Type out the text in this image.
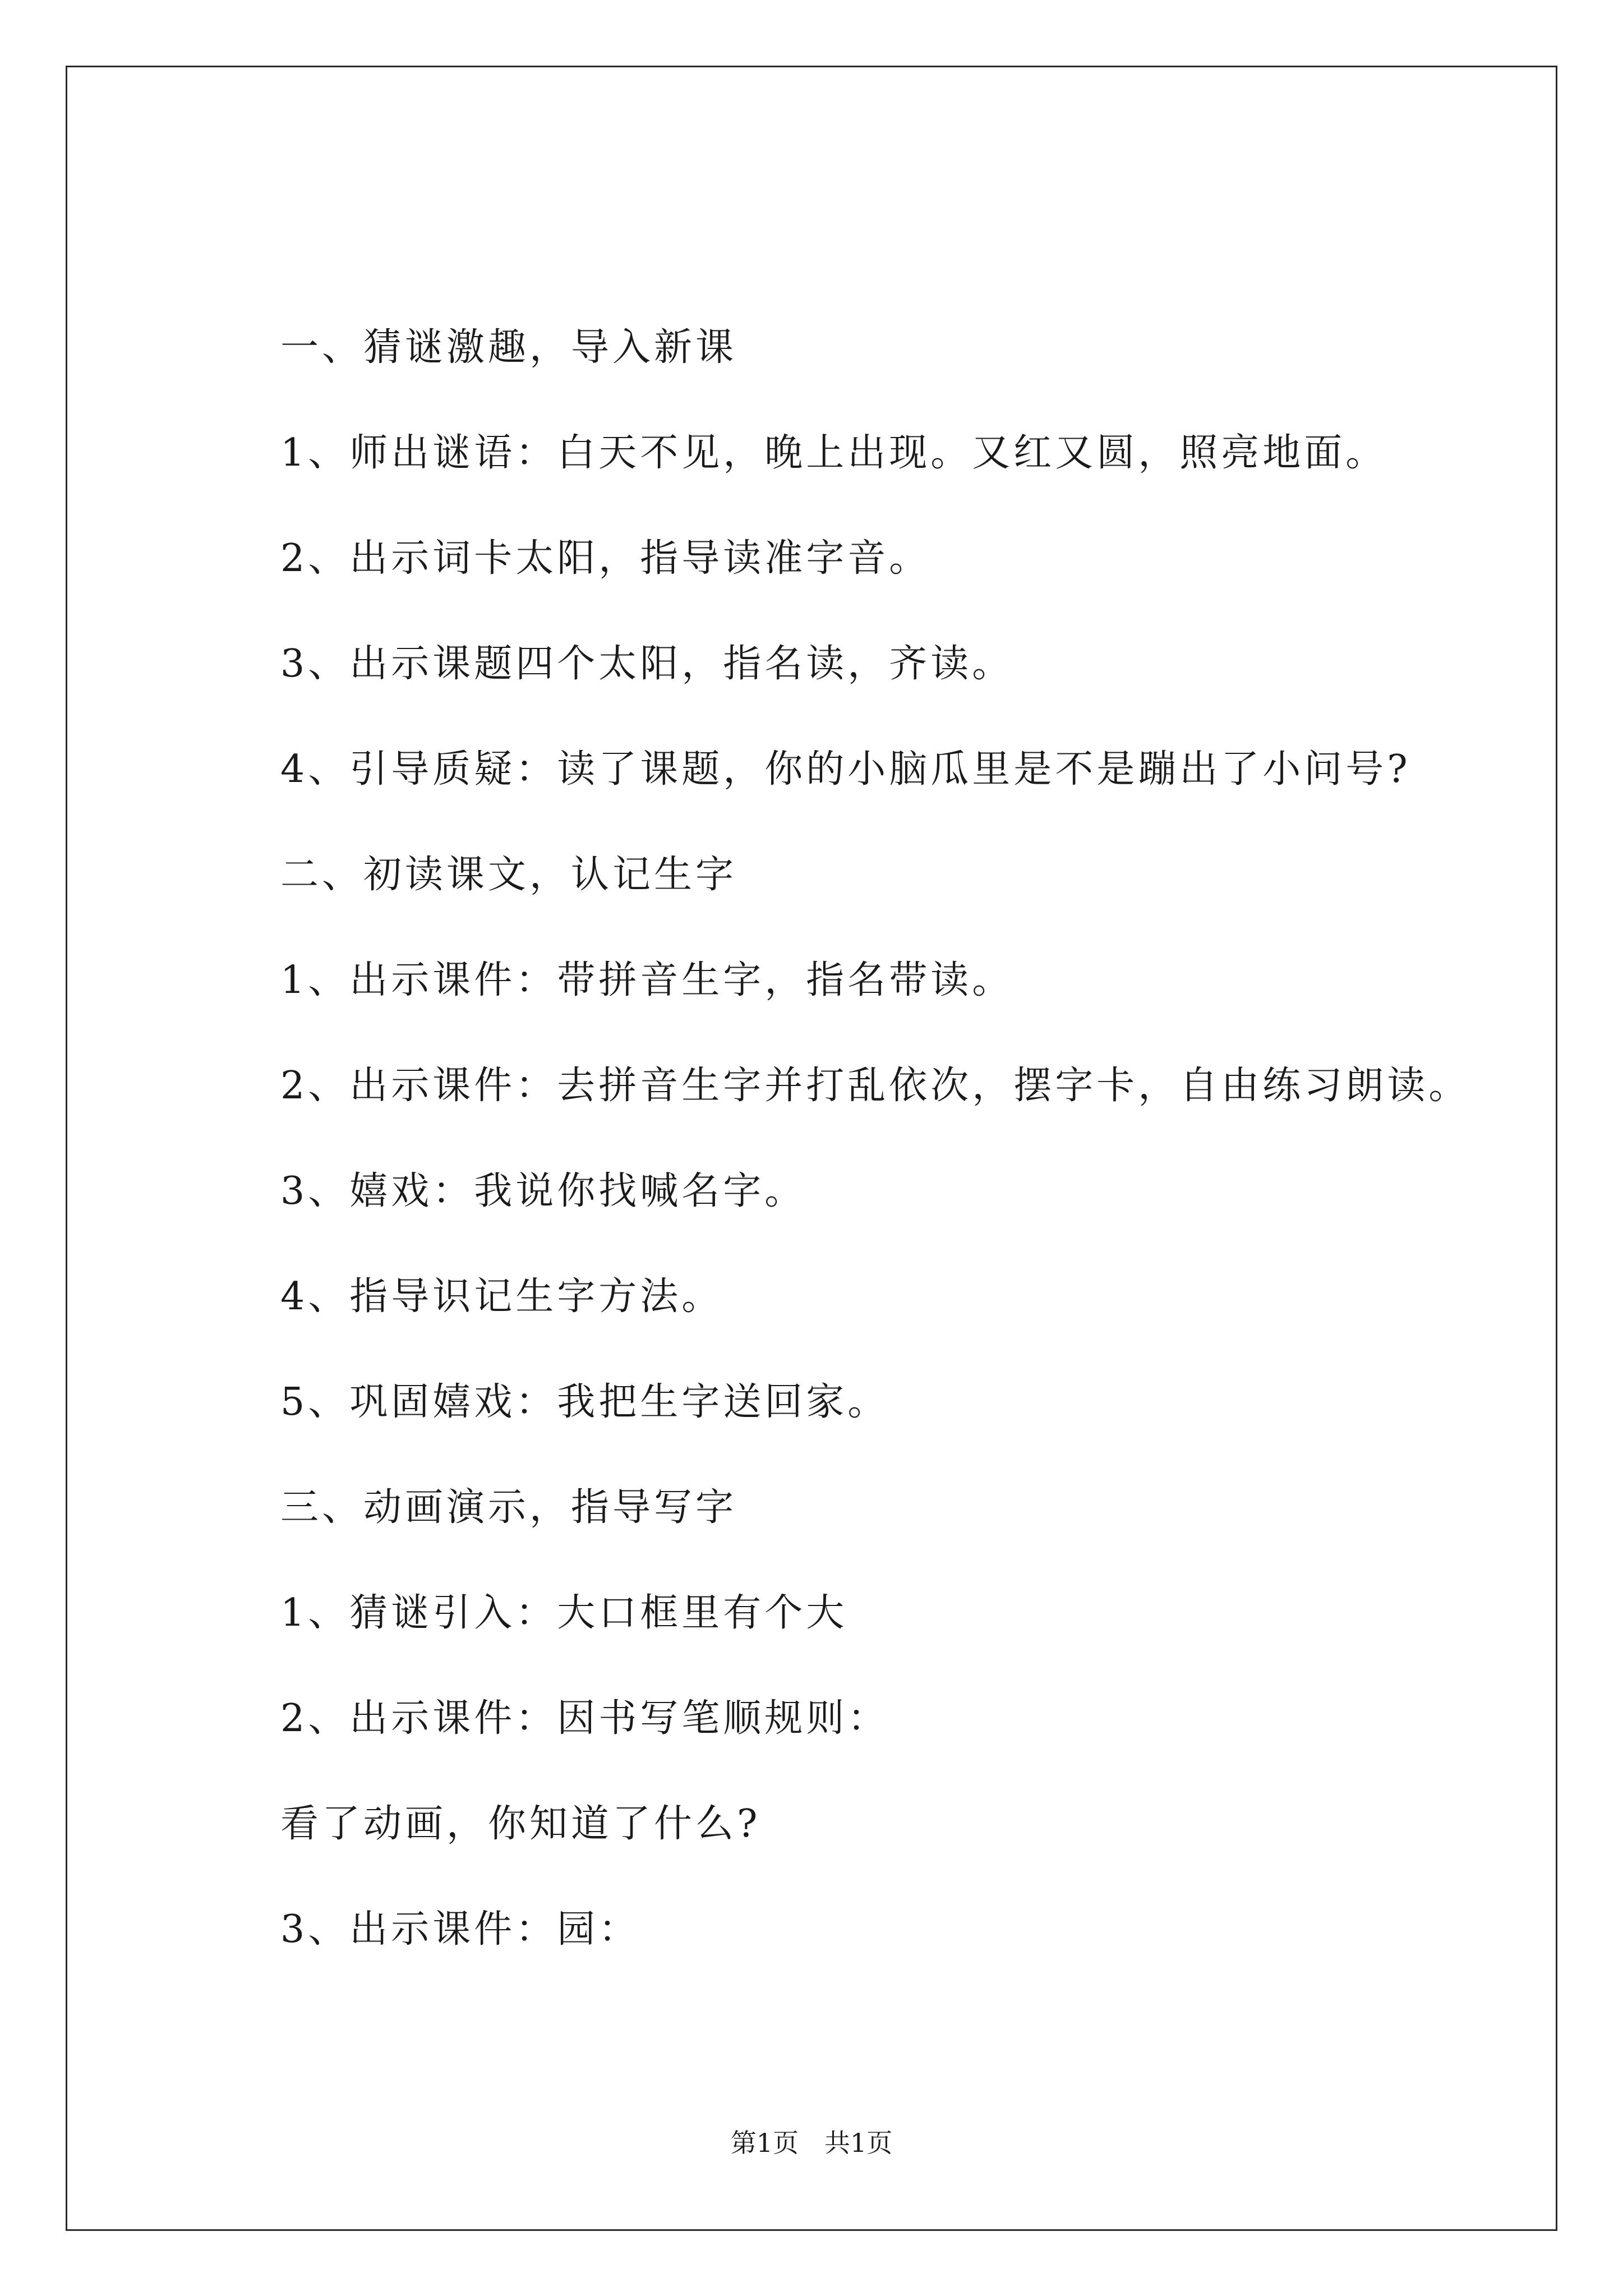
一、猜谜激趣，导入新课
1、师出谜语：白天不见，晚上出现。又红又圆，照亮地面。
2、出示词卡太阳，指导读准字音。
3、出示课题四个太阳，指名读，齐读。
4、引导质疑：读了课题，你的小脑瓜里是不是蹦出了小问号?
二、初读课文，认记生字
1、出示课件：带拼音生字，指名带读。
2、出示课件：去拼音生字并打乱依次，摆字卡，自由练习朗读。
3、嬉戏：我说你找喊名字。
4、指导识记生字方法。
5、巩固嬉戏：我把生字送回家。
三、动画演示，指导写字
1、猜谜引入：大口框里有个大
2、出示课件：因书写笔顺规则：
看了动画，你知道了什么?
3、出示课件：园：
第1页　共1页
